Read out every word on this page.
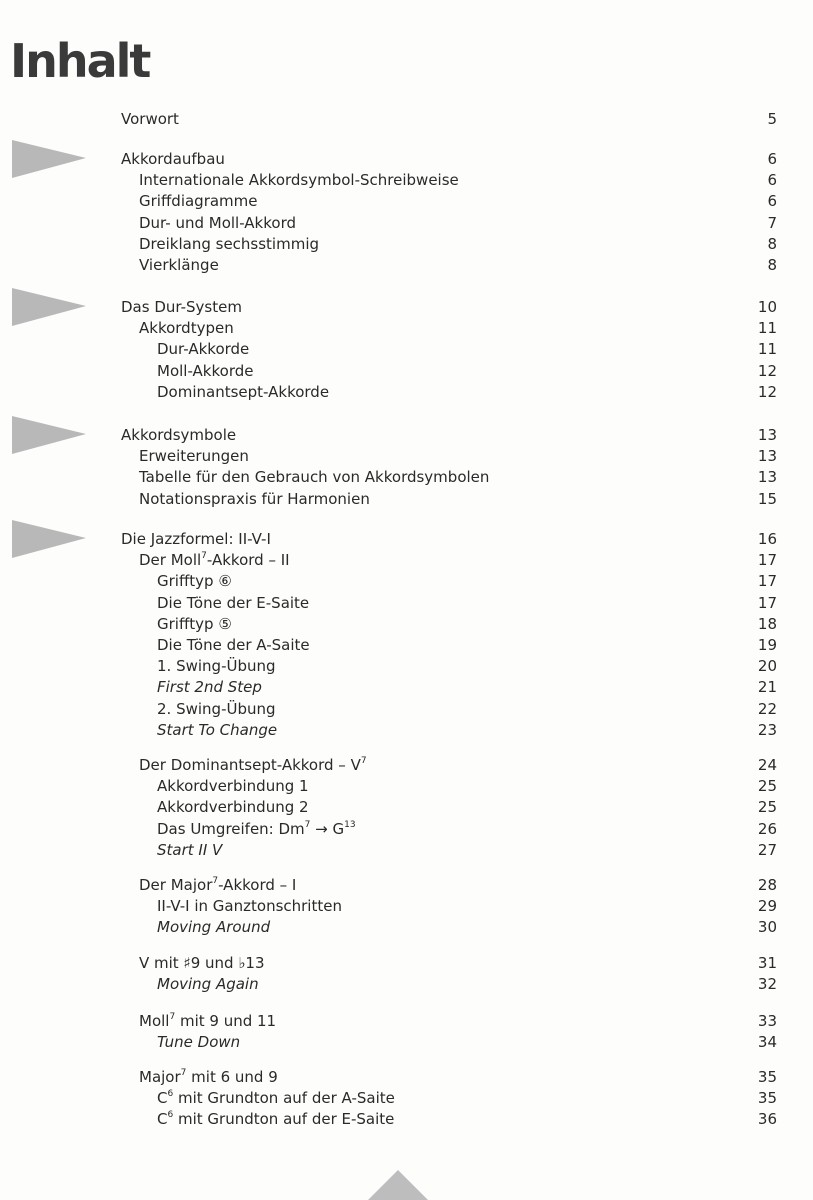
Inhalt
Vorwort	5
Akkordaufbau	6
Internationale Akkordsymbol-Schreibweise	6
Griffdiagramme	6
Dur- und Moll-Akkord	7
Dreiklang sechsstimmig	8
Vierklänge	8
Das Dur-System	10
Akkordtypen	11
Dur-Akkorde	11
Moll-Akkorde	12
Dominantsept-Akkorde	12
Akkordsymbole	13
Erweiterungen	13
Tabelle für den Gebrauch von Akkordsymbolen	13
Notationspraxis für Harmonien	15
Die Jazzformel: II-V-I	16
Der Moll$^7$-Akkord – II	17
Grifftyp ⑥	17
Die Töne der E-Saite	17
Grifftyp ⑤	18
Die Töne der A-Saite	19
1. Swing-Übung	20
First 2nd Step	21
2. Swing-Übung	22
Start To Change	23
Der Dominantsept-Akkord – $V^7$	24
Akkordverbindung 1	25
Akkordverbindung 2	25
Das Umgreifen: $Dm^7 \to G^{13}$	26
Start II V	27
Der Major$^7$-Akkord – I	28
II-V-I in Ganztonschritten	29
Moving Around	30
V mit ♯9 und ♭13	31
Moving Again	32
Moll$^7$ mit 9 und 11	33
Tune Down	34
Major$^7$ mit 6 und 9	35
$C^6$ mit Grundton auf der A-Saite	35
$C^6$ mit Grundton auf der E-Saite	36
